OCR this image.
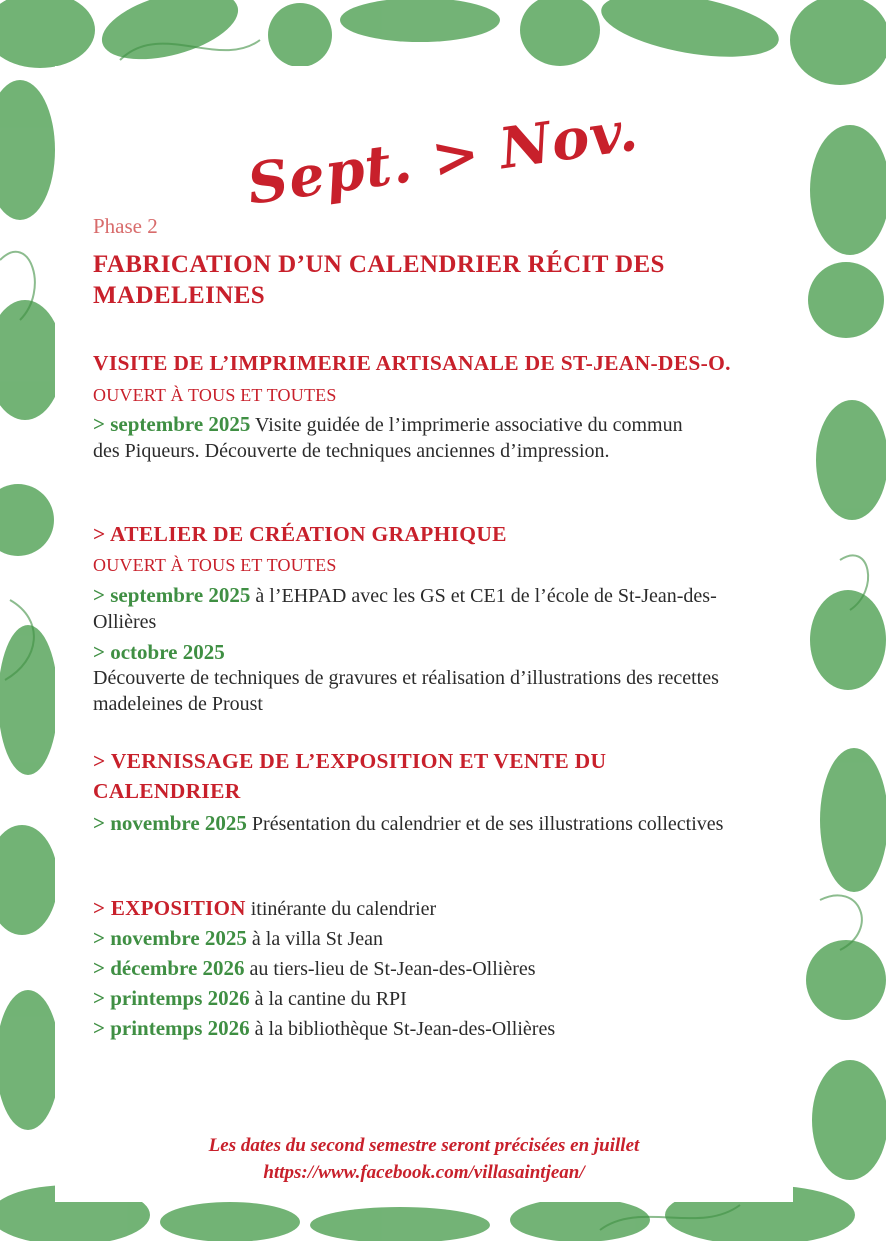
Sept. > Nov.
Phase 2
FABRICATION D’UN CALENDRIER RÉCIT DES MADELEINES
VISITE DE L’IMPRIMERIE ARTISANALE DE ST-JEAN-DES-O.
OUVERT À TOUS ET TOUTES
> septembre 2025 Visite guidée de l’imprimerie associative du commun des Piqueurs. Découverte de techniques anciennes d’impression.
> ATELIER DE CRÉATION GRAPHIQUE
OUVERT À TOUS ET TOUTES
> septembre 2025 à l’EHPAD avec les GS et CE1 de l’école de St-Jean-des-Ollières
> octobre 2025
Découverte de techniques de gravures et réalisation d’illustrations des recettes madeleines de Proust
> VERNISSAGE DE L’EXPOSITION ET VENTE DU CALENDRIER
> novembre 2025 Présentation du calendrier et de ses illustrations collectives
> EXPOSITION itinérante du calendrier
> novembre 2025 à la villa St Jean
> décembre 2026 au tiers-lieu de St-Jean-des-Ollières
> printemps 2026 à la cantine du RPI
> printemps 2026 à la bibliothèque St-Jean-des-Ollières
Les dates du second semestre seront précisées en juillet
https://www.facebook.com/villasaintjean/
